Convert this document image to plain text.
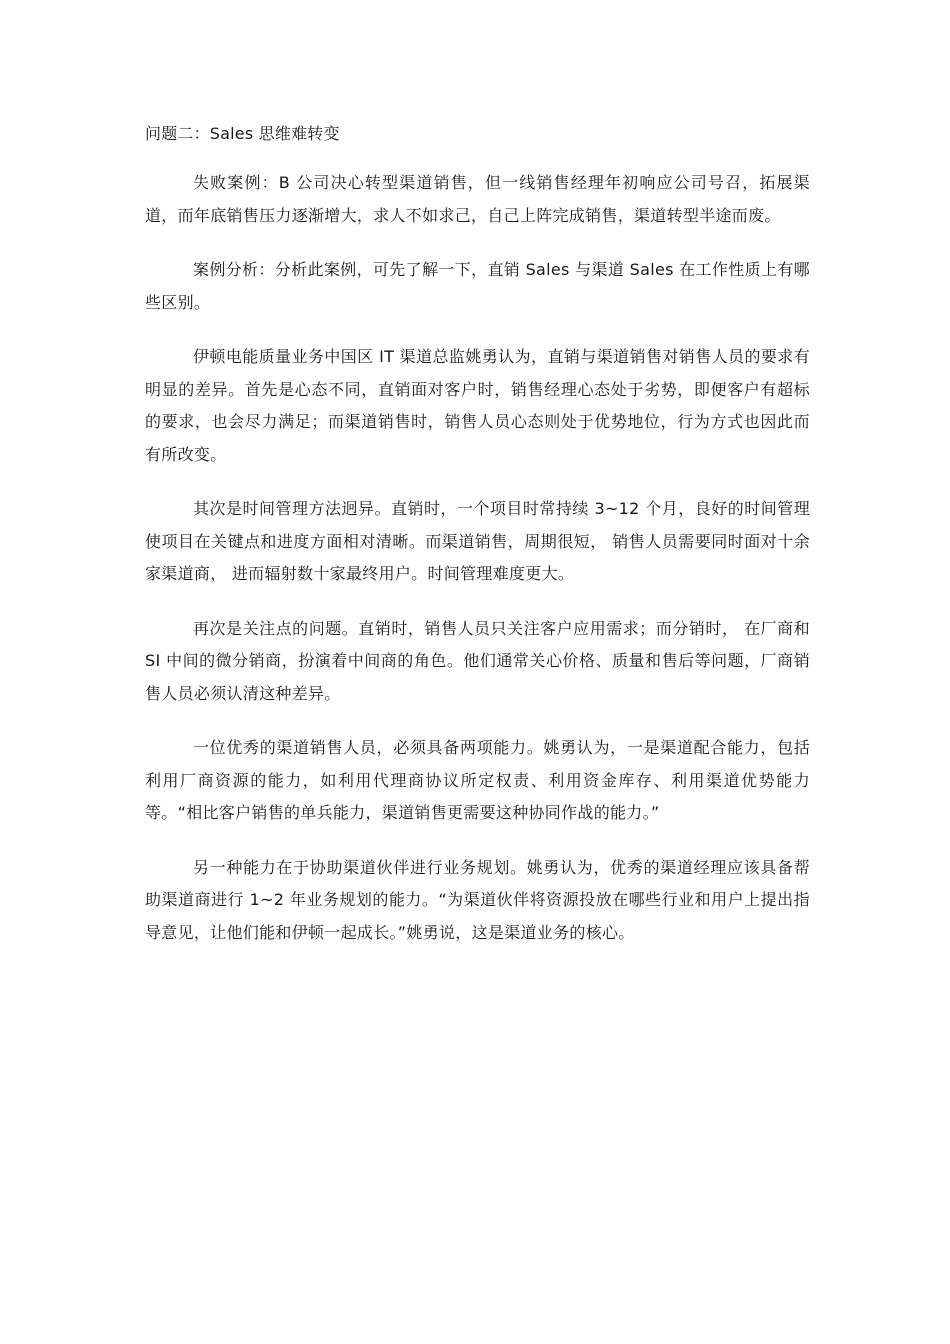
问题二：Sales 思维难转变

失败案例：B 公司决心转型渠道销售，但一线销售经理年初响应公司号召，拓展渠道，而年底销售压力逐渐增大，求人不如求己，自己上阵完成销售，渠道转型半途而废。

案例分析：分析此案例，可先了解一下，直销 Sales 与渠道 Sales 在工作性质上有哪些区别。

伊顿电能质量业务中国区 IT 渠道总监姚勇认为，直销与渠道销售对销售人员的要求有明显的差异。首先是心态不同，直销面对客户时，销售经理心态处于劣势，即便客户有超标的要求，也会尽力满足；而渠道销售时，销售人员心态则处于优势地位，行为方式也因此而有所改变。

其次是时间管理方法迥异。直销时，一个项目时常持续 3~12 个月，良好的时间管理使项目在关键点和进度方面相对清晰。而渠道销售，周期很短， 销售人员需要同时面对十余家渠道商， 进而辐射数十家最终用户。时间管理难度更大。

再次是关注点的问题。直销时，销售人员只关注客户应用需求；而分销时， 在厂商和 SI 中间的微分销商，扮演着中间商的角色。他们通常关心价格、质量和售后等问题，厂商销售人员必须认清这种差异。

一位优秀的渠道销售人员，必须具备两项能力。姚勇认为，一是渠道配合能力，包括利用厂商资源的能力，如利用代理商协议所定权责、利用资金库存、利用渠道优势能力等。“相比客户销售的单兵能力，渠道销售更需要这种协同作战的能力。”

另一种能力在于协助渠道伙伴进行业务规划。姚勇认为，优秀的渠道经理应该具备帮助渠道商进行 1~2 年业务规划的能力。“为渠道伙伴将资源投放在哪些行业和用户上提出指导意见，让他们能和伊顿一起成长。”姚勇说，这是渠道业务的核心。
